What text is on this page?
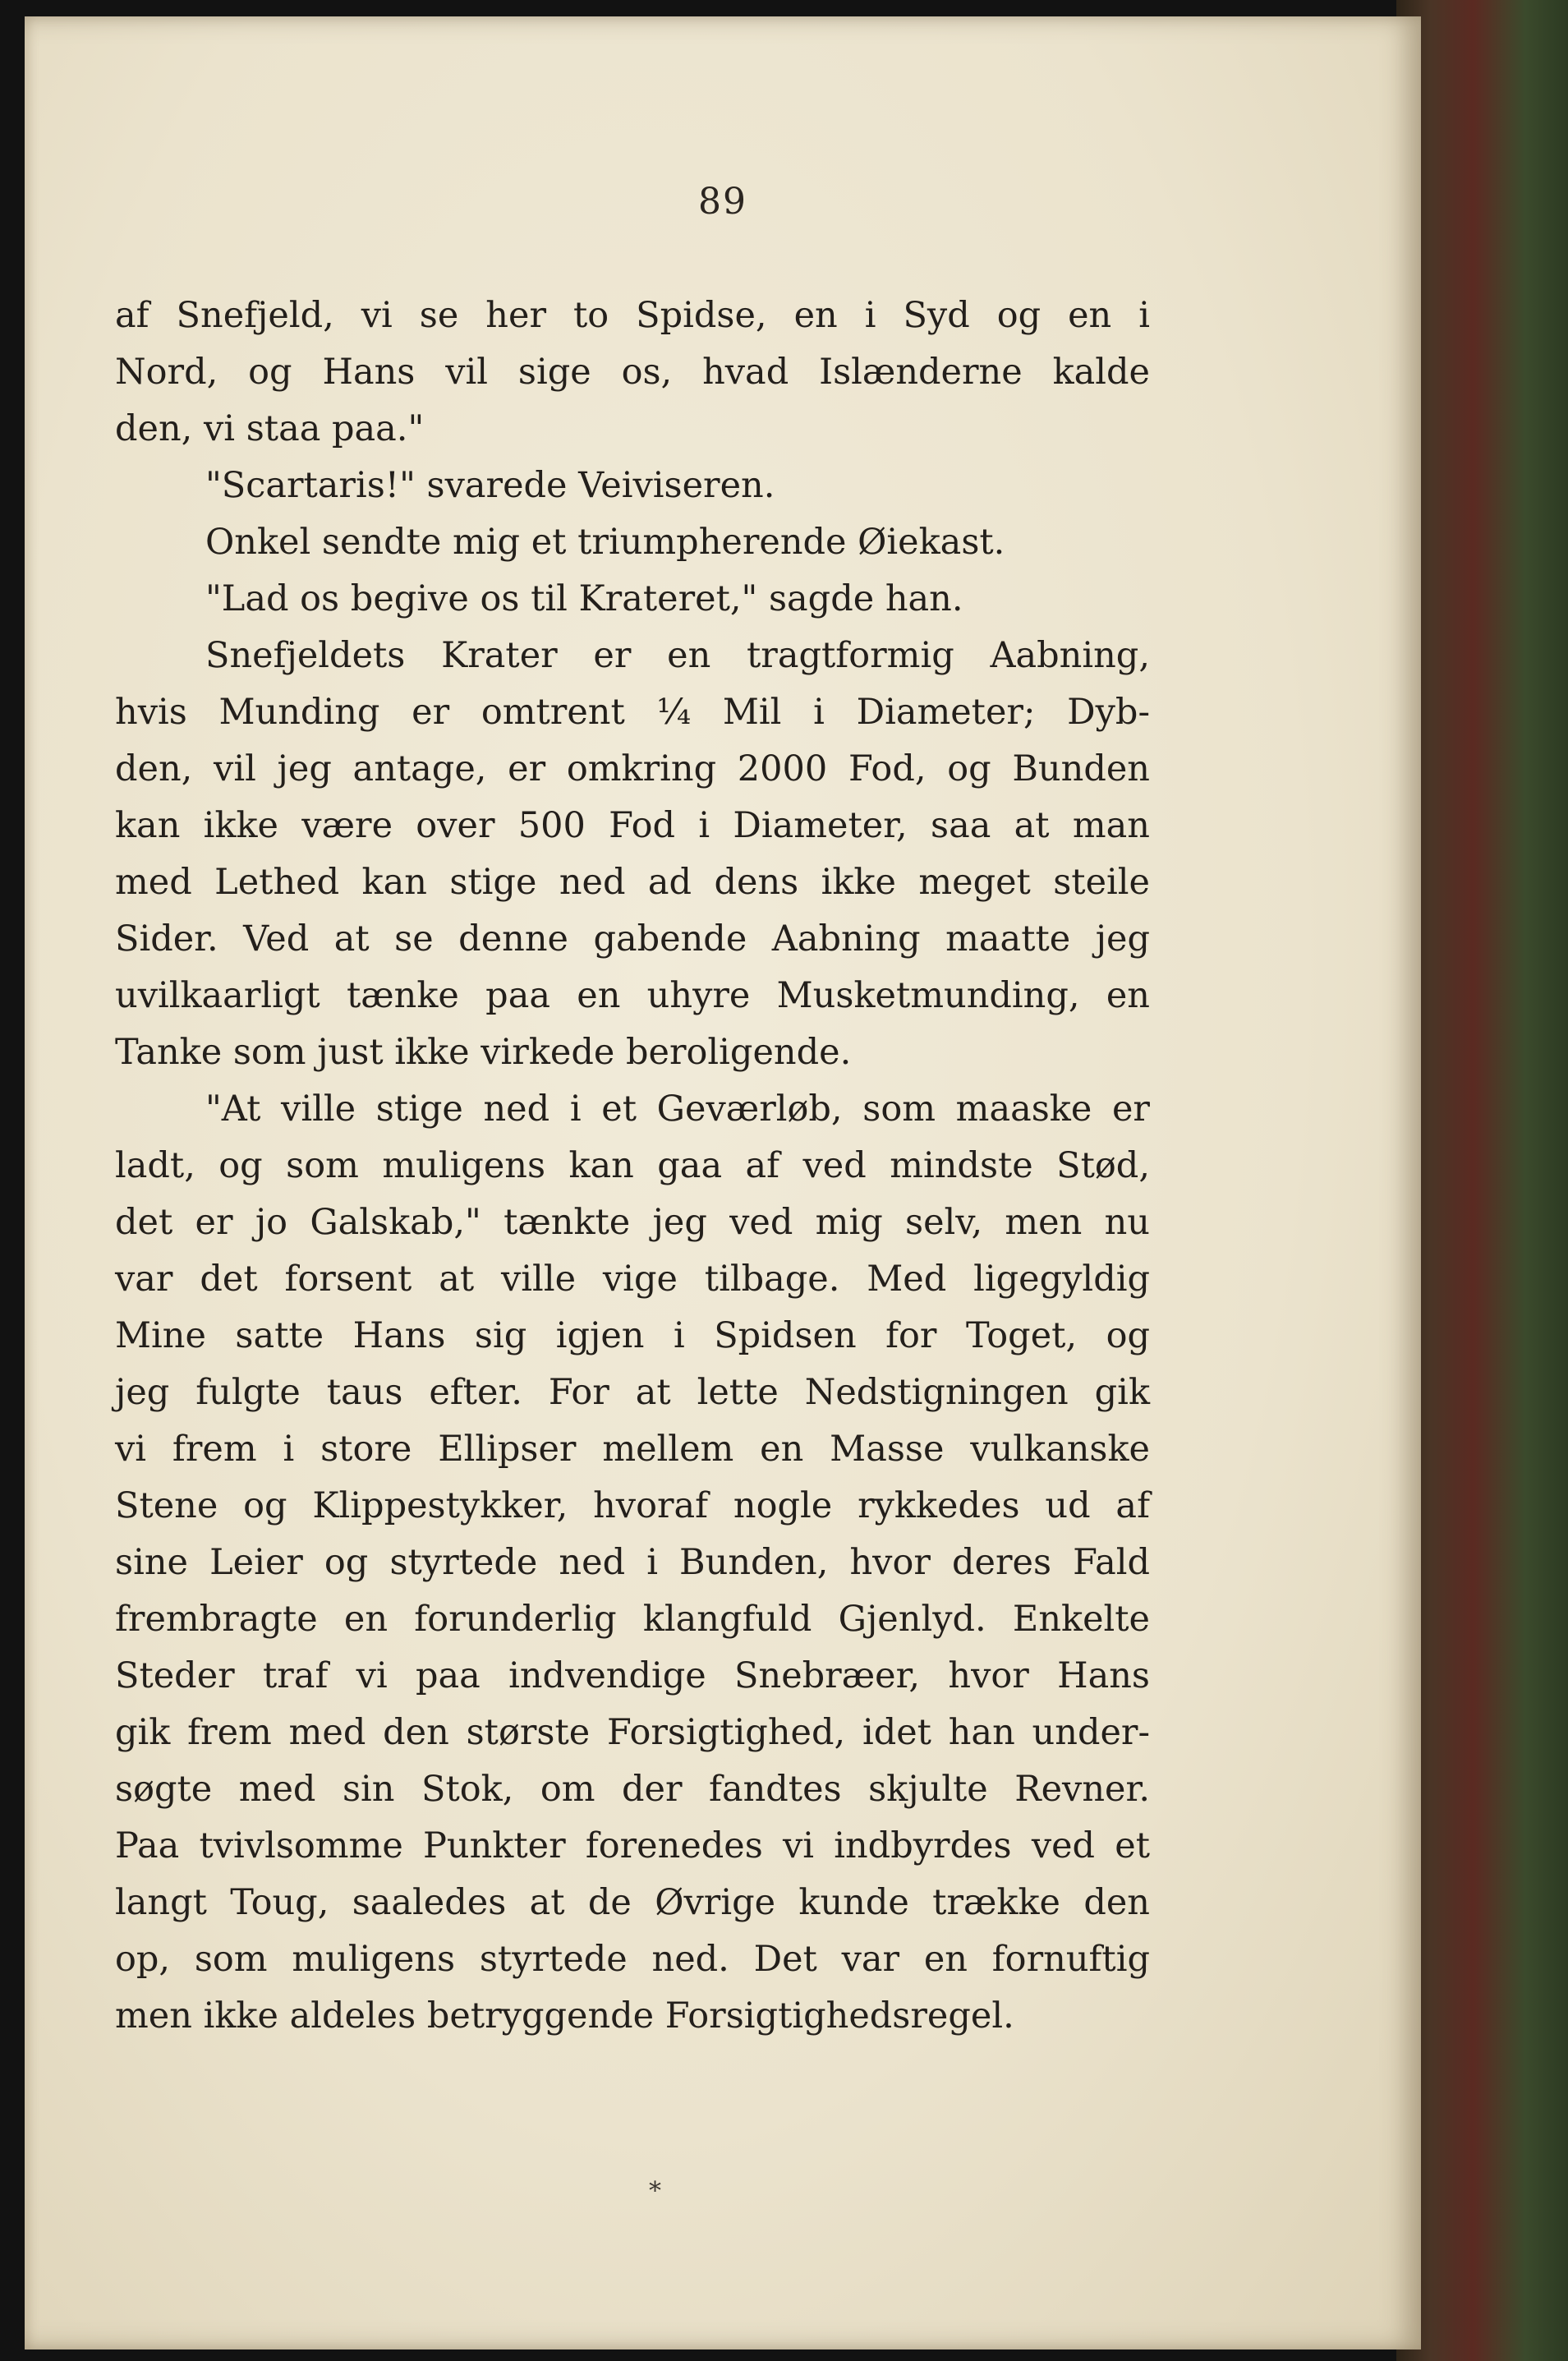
89
af Snefjeld, vi se her to Spidse, en i Syd og en i
Nord, og Hans vil sige os, hvad Islænderne kalde
den, vi staa paa."
"Scartaris!" svarede Veiviseren.
Onkel sendte mig et triumpherende Øiekast.
"Lad os begive os til Krateret," sagde han.
Snefjeldets Krater er en tragtformig Aabning,
hvis Munding er omtrent ¼ Mil i Diameter; Dyb-
den, vil jeg antage, er omkring 2000 Fod, og Bunden
kan ikke være over 500 Fod i Diameter, saa at man
med Lethed kan stige ned ad dens ikke meget steile
Sider. Ved at se denne gabende Aabning maatte jeg
uvilkaarligt tænke paa en uhyre Musketmunding, en
Tanke som just ikke virkede beroligende.
"At ville stige ned i et Geværløb, som maaske er
ladt, og som muligens kan gaa af ved mindste Stød,
det er jo Galskab," tænkte jeg ved mig selv, men nu
var det forsent at ville vige tilbage. Med ligegyldig
Mine satte Hans sig igjen i Spidsen for Toget, og
jeg fulgte taus efter. For at lette Nedstigningen gik
vi frem i store Ellipser mellem en Masse vulkanske
Stene og Klippestykker, hvoraf nogle rykkedes ud af
sine Leier og styrtede ned i Bunden, hvor deres Fald
frembragte en forunderlig klangfuld Gjenlyd. Enkelte
Steder traf vi paa indvendige Snebræer, hvor Hans
gik frem med den største Forsigtighed, idet han under-
søgte med sin Stok, om der fandtes skjulte Revner.
Paa tvivlsomme Punkter forenedes vi indbyrdes ved et
langt Toug, saaledes at de Øvrige kunde trække den
op, som muligens styrtede ned. Det var en fornuftig
men ikke aldeles betryggende Forsigtighedsregel.
⁎
